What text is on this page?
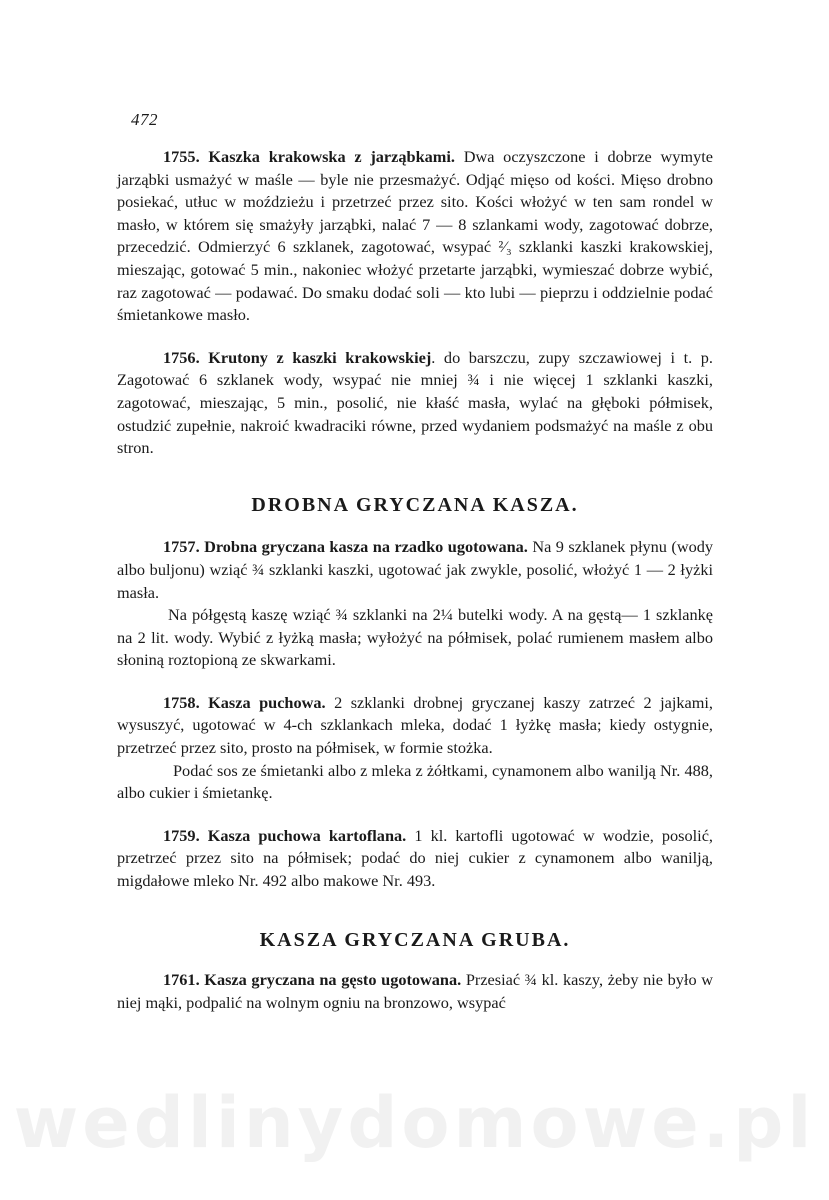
472

1755. Kaszka krakowska z jarząbkami. Dwa oczyszczone i dobrze wymyte jarząbki usmażyć w maśle — byle nie przesmażyć. Odjąć mięso od kości. Mięso drobno posiekać, utłuc w moździeżu i przetrzeć przez sito. Kości włożyć w ten sam rondel w masło, w którem się smażyły jarząbki, nalać 7 — 8 szlankami wody, zagotować dobrze, przecedzić. Odmierzyć 6 szklanek, zagotować, wsypać ²⁄₃ szklanki kaszki krakowskiej, mieszając, gotować 5 min., nakoniec włożyć przetarte jarząbki, wymieszać dobrze wybić, raz zagotować — podawać. Do smaku dodać soli — kto lubi — pieprzu i oddzielnie podać śmietankowe masło.

1756. Krutony z kaszki krakowskiej. do barszczu, zupy szczawiowej i t. p. Zagotować 6 szklanek wody, wsypać nie mniej ¾ i nie więcej 1 szklanki kaszki, zagotować, mieszając, 5 min., posolić, nie kłaść masła, wylać na głęboki półmisek, ostudzić zupełnie, nakroić kwadraciki równe, przed wydaniem podsmażyć na maśle z obu stron.

DROBNA GRYCZANA KASZA.

1757. Drobna gryczana kasza na rzadko ugotowana. Na 9 szklanek płynu (wody albo buljonu) wziąć ¾ szklanki kaszki, ugotować jak zwykle, posolić, włożyć 1 — 2 łyżki masła.

Na półgęstą kaszę wziąć ¾ szklanki na 2¼ butelki wody. A na gęstą— 1 szklankę na 2 lit. wody. Wybić z łyżką masła; wyłożyć na półmisek, polać rumienem masłem albo słoniną roztopioną ze skwarkami.

1758. Kasza puchowa. 2 szklanki drobnej gryczanej kaszy zatrzeć 2 jajkami, wysuszyć, ugotować w 4-ch szklankach mleka, dodać 1 łyżkę masła; kiedy ostygnie, przetrzeć przez sito, prosto na półmisek, w formie stożka.

Podać sos ze śmietanki albo z mleka z żółtkami, cynamonem albo wanilją Nr. 488, albo cukier i śmietankę.

1759. Kasza puchowa kartoflana. 1 kl. kartofli ugotować w wodzie, posolić, przetrzeć przez sito na półmisek; podać do niej cukier z cynamonem albo wanilją, migdałowe mleko Nr. 492 albo makowe Nr. 493.

KASZA GRYCZANA GRUBA.

1761. Kasza gryczana na gęsto ugotowana. Przesiać ¾ kl. kaszy, żeby nie było w niej mąki, podpalić na wolnym ogniu na bronzowo, wsypać

wedlinydomowe.pl
